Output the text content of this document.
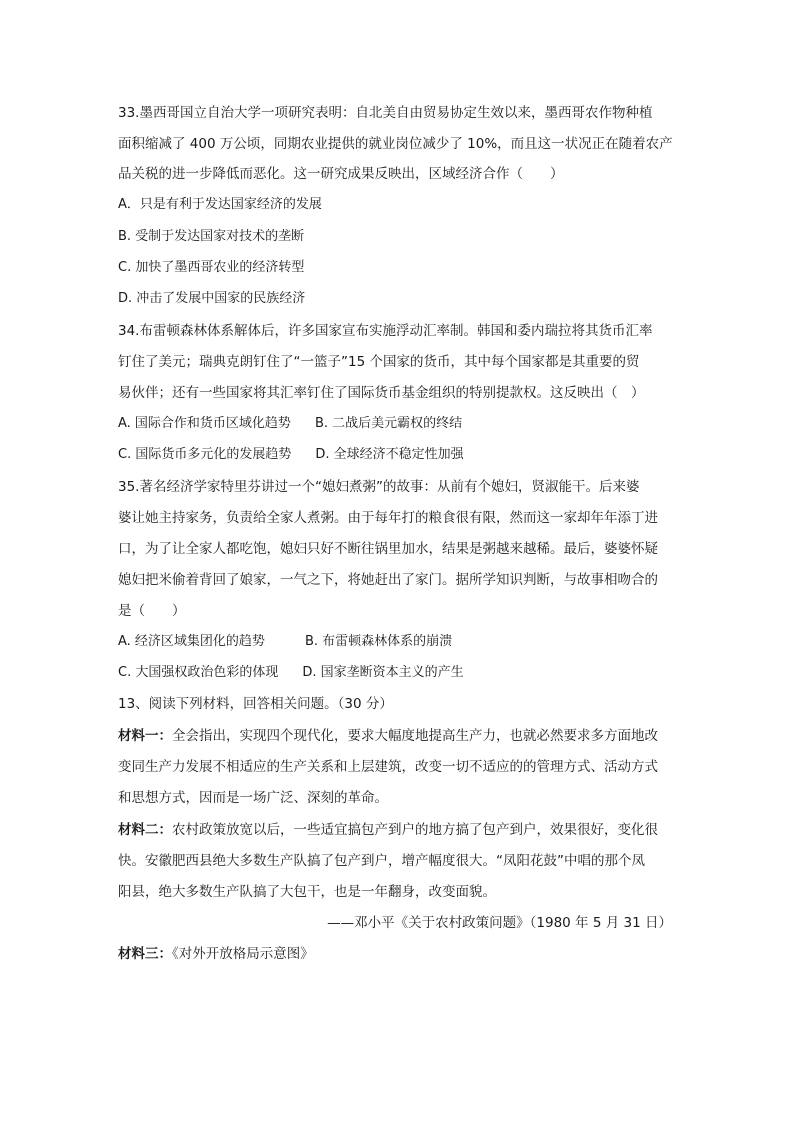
33.墨西哥国立自治大学一项研究表明：自北美自由贸易协定生效以来，墨西哥农作物种植
面积缩减了 400 万公顷，同期农业提供的就业岗位减少了 10%，而且这一状况正在随着农产
品关税的进一步降低而恶化。这一研究成果反映出，区域经济合作（　　）
A．只是有利于发达国家经济的发展
B. 受制于发达国家对技术的垄断
C. 加快了墨西哥农业的经济转型
D. 冲击了发展中国家的民族经济
34.布雷顿森林体系解体后，许多国家宣布实施浮动汇率制。韩国和委内瑞拉将其货币汇率
钉住了美元；瑞典克朗钉住了“一篮子”15 个国家的货币，其中每个国家都是其重要的贸
易伙伴；还有一些国家将其汇率钉住了国际货币基金组织的特别提款权。这反映出（　）
A. 国际合作和货币区域化趋势 B. 二战后美元霸权的终结
C. 国际货币多元化的发展趋势 D. 全球经济不稳定性加强
35.著名经济学家特里芬讲过一个“媳妇煮粥”的故事：从前有个媳妇，贤淑能干。后来婆
婆让她主持家务，负责给全家人煮粥。由于每年打的粮食很有限，然而这一家却年年添丁进
口，为了让全家人都吃饱，媳妇只好不断往锅里加水，结果是粥越来越稀。最后，婆婆怀疑
媳妇把米偷着背回了娘家，一气之下，将她赶出了家门。据所学知识判断，与故事相吻合的
是（　　）
A. 经济区域集团化的趋势	B. 布雷顿森林体系的崩溃
C. 大国强权政治色彩的体现 D. 国家垄断资本主义的产生
13、阅读下列材料，回答相关问题。（30 分）
材料一：全会指出，实现四个现代化，要求大幅度地提高生产力，也就必然要求多方面地改
变同生产力发展不相适应的生产关系和上层建筑，改变一切不适应的的管理方式、活动方式
和思想方式，因而是一场广泛、深刻的革命。
材料二：农村政策放宽以后，一些适宜搞包产到户的地方搞了包产到户，效果很好，变化很
快。安徽肥西县绝大多数生产队搞了包产到户，增产幅度很大。“凤阳花鼓”中唱的那个凤
阳县，绝大多数生产队搞了大包干，也是一年翻身，改变面貌。
——邓小平《关于农村政策问题》（1980 年 5 月 31 日）
材料三：《对外开放格局示意图》
